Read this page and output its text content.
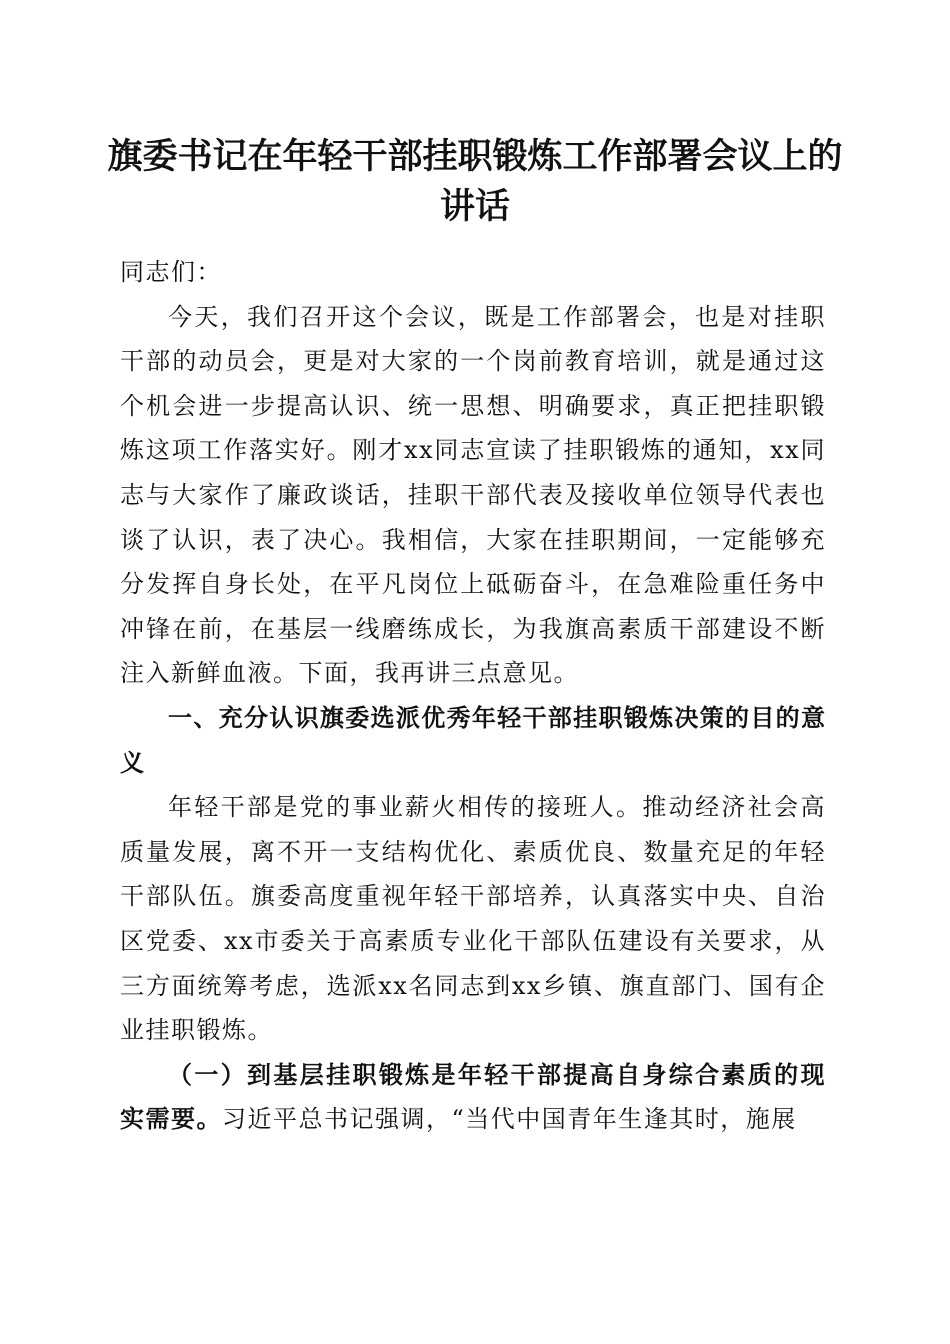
旗委书记在年轻干部挂职锻炼工作部署会议上的讲话

同志们：

今天，我们召开这个会议，既是工作部署会，也是对挂职干部的动员会，更是对大家的一个岗前教育培训，就是通过这个机会进一步提高认识、统一思想、明确要求，真正把挂职锻炼这项工作落实好。刚才xx同志宣读了挂职锻炼的通知，xx同志与大家作了廉政谈话，挂职干部代表及接收单位领导代表也谈了认识，表了决心。我相信，大家在挂职期间，一定能够充分发挥自身长处，在平凡岗位上砥砺奋斗，在急难险重任务中冲锋在前，在基层一线磨练成长，为我旗高素质干部建设不断注入新鲜血液。下面，我再讲三点意见。

一、充分认识旗委选派优秀年轻干部挂职锻炼决策的目的意义

年轻干部是党的事业薪火相传的接班人。推动经济社会高质量发展，离不开一支结构优化、素质优良、数量充足的年轻干部队伍。旗委高度重视年轻干部培养，认真落实中央、自治区党委、xx市委关于高素质专业化干部队伍建设有关要求，从三方面统筹考虑，选派xx名同志到xx乡镇、旗直部门、国有企业挂职锻炼。

（一）到基层挂职锻炼是年轻干部提高自身综合素质的现实需要。习近平总书记强调，“当代中国青年生逢其时，施展
